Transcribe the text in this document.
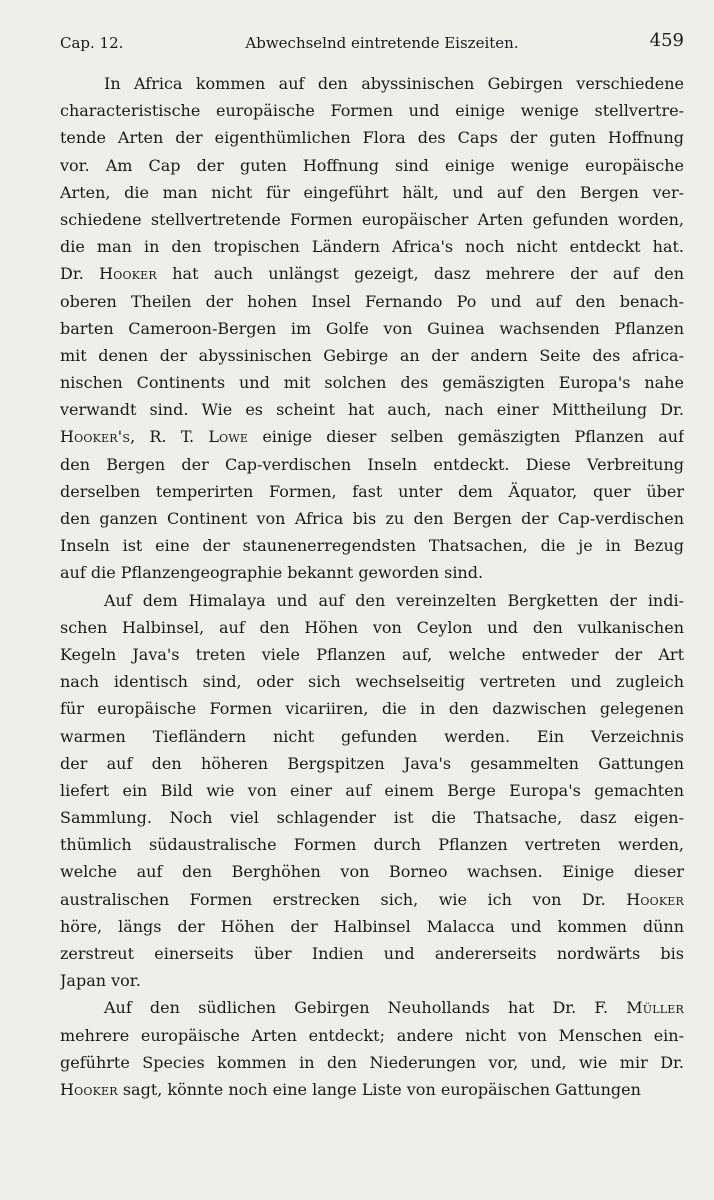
Cap. 12.	Abwechselnd eintretende Eiszeiten.	459
In Africa kommen auf den abyssinischen Gebirgen verschiedene
characteristische europäische Formen und einige wenige stellvertre-
tende Arten der eigenthümlichen Flora des Caps der guten Hoffnung
vor. Am Cap der guten Hoffnung sind einige wenige europäische
Arten, die man nicht für eingeführt hält, und auf den Bergen ver-
schiedene stellvertretende Formen europäischer Arten gefunden worden,
die man in den tropischen Ländern Africa's noch nicht entdeckt hat.
Dr. Hooker hat auch unlängst gezeigt, dasz mehrere der auf den
oberen Theilen der hohen Insel Fernando Po und auf den benach-
barten Cameroon-Bergen im Golfe von Guinea wachsenden Pflanzen
mit denen der abyssinischen Gebirge an der andern Seite des africa-
nischen Continents und mit solchen des gemäszigten Europa's nahe
verwandt sind. Wie es scheint hat auch, nach einer Mittheilung Dr.
Hooker's, R. T. Lowe einige dieser selben gemäszigten Pflanzen auf
den Bergen der Cap-verdischen Inseln entdeckt. Diese Verbreitung
derselben temperirten Formen, fast unter dem Äquator, quer über
den ganzen Continent von Africa bis zu den Bergen der Cap-verdischen
Inseln ist eine der staunenerregendsten Thatsachen, die je in Bezug
auf die Pflanzengeographie bekannt geworden sind.
Auf dem Himalaya und auf den vereinzelten Bergketten der indi-
schen Halbinsel, auf den Höhen von Ceylon und den vulkanischen
Kegeln Java's treten viele Pflanzen auf, welche entweder der Art
nach identisch sind, oder sich wechselseitig vertreten und zugleich
für europäische Formen vicariiren, die in den dazwischen gelegenen
warmen Tiefländern nicht gefunden werden. Ein Verzeichnis
der auf den höheren Bergspitzen Java's gesammelten Gattungen
liefert ein Bild wie von einer auf einem Berge Europa's gemachten
Sammlung. Noch viel schlagender ist die Thatsache, dasz eigen-
thümlich südaustralische Formen durch Pflanzen vertreten werden,
welche auf den Berghöhen von Borneo wachsen. Einige dieser
australischen Formen erstrecken sich, wie ich von Dr. Hooker
höre, längs der Höhen der Halbinsel Malacca und kommen dünn
zerstreut einerseits über Indien und andererseits nordwärts bis
Japan vor.
Auf den südlichen Gebirgen Neuhollands hat Dr. F. Müller
mehrere europäische Arten entdeckt; andere nicht von Menschen ein-
geführte Species kommen in den Niederungen vor, und, wie mir Dr.
Hooker sagt, könnte noch eine lange Liste von europäischen Gattungen
